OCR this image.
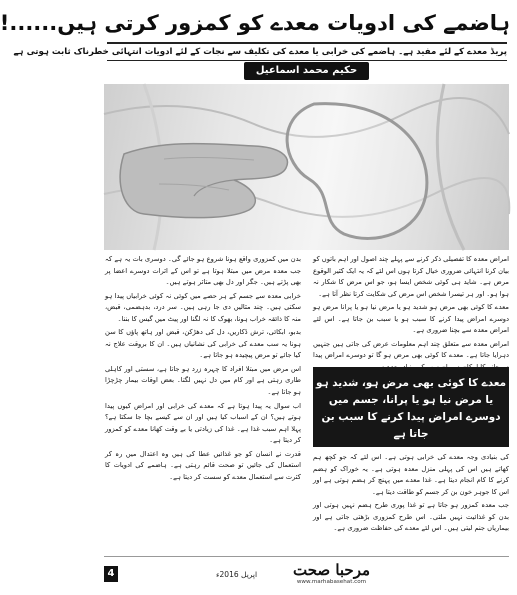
ہاضمے کی ادویات معدے کو کمزور کرتی ہیں......!
پریڈ معدے کے لئے مفید ہے۔ ہاضمے کی خرابی یا معدے کی تکلیف سے نجات کے لئے ادویات انتہائی خطرناک ثابت ہوتی ہے
حکیم محمد اسماعیل

امراض معدہ کا تفصیلی ذکر کرنے سے پہلے چند اصول اور اہم باتوں کو بیان کرنا انتہائی ضروری خیال کرتا ہوں اس لئے کہ یہ ایک کثیر الوقوع مرض ہے۔ شاید ہی کوئی شخص ایسا ہو، جو اس مرض کا شکار نہ ہوا ہو۔ اور ہر تیسرا شخص اس مرض کی شکایت کرتا نظر آتا ہے۔

معدے کا کوئی بھی مرض ہو شدید ہو یا مرض نیا ہو یا پرانا مرض ہو دوسرے امراض پیدا کرنے کا سبب ہو یا سبب بن جاتا ہے۔ اس لئے امراض معدہ سے بچنا ضروری ہے۔

امراض معدہ سے متعلق چند اہم معلومات عرض کی جاتی ہیں جنہیں دہرایا جاتا ہے۔ معدے کا کوئی بھی مرض ہو گا تو دوسرے امراض پیدا

معدے کا کوئی بھی مرض ہو، شدید ہو یا مرض نیا ہو یا پرانا، جسم میں دوسرے امراض پیدا کرنے کا سبب بن جاتا ہے

کی بنیادی وجہ معدے کی خرابی ہوتی ہے۔ اس لئے کہ جو کچھ ہم کھاتے ہیں اس کی پہلی منزل معدہ ہوتی ہے۔ یہ خوراک کو ہضم کرنے کا کام انجام دیتا ہے۔ غذا معدے میں پہنچ کر ہضم ہوتی ہے اور اس کا جوہر خون بن کر جسم کو طاقت دیتا ہے۔

جب معدہ کمزور ہو جاتا ہے تو غذا پوری طرح ہضم نہیں ہوتی اور بدن کو غذائیت نہیں ملتی۔ اس طرح کمزوری بڑھتی جاتی ہے اور بیماریاں جنم لیتی ہیں۔ اس لئے معدے کی حفاظت ضروری ہے۔

بدن میں کمزوری واقع ہونا شروع ہو جائے گی۔ دوسری بات یہ ہے کہ جب معدہ مرض میں مبتلا ہوتا ہے تو اس کے اثرات دوسرے اعضا پر بھی پڑتے ہیں۔ جگر اور دل بھی متاثر ہوتے ہیں۔

خرابی معدہ سے جسم کے ہر حصے میں کوئی نہ کوئی خرابیاں پیدا ہو سکتی ہیں۔ چند مثالیں دی جا رہی ہیں۔ سر درد، بدہضمی، قبض، منہ کا ذائقہ خراب ہونا، بھوک کا نہ لگنا اور پیٹ میں گیس کا بننا۔

بدبو، ابکائی، ترش ڈکاریں، دل کی دھڑکن، قبض اور ہاتھ پاؤں کا سن ہونا یہ سب معدے کی خرابی کی نشانیاں ہیں۔ ان کا بروقت علاج نہ کیا جائے تو مرض پیچیدہ ہو جاتا ہے۔

اس مرض میں مبتلا افراد کا چہرہ زرد ہو جاتا ہے، سستی اور کاہلی طاری رہتی ہے اور کام میں دل نہیں لگتا۔ بعض اوقات بیمار چڑچڑا ہو جاتا ہے۔

اب سوال یہ پیدا ہوتا ہے کہ معدے کی خرابی اور امراض کیوں پیدا ہوتے ہیں؟ ان کے اسباب کیا ہیں اور ان سے کیسے بچا جا سکتا ہے؟ پہلا اہم سبب غذا ہے۔ غذا کی زیادتی یا بے وقت کھانا معدے کو کمزور کر دیتا ہے۔

قدرت نے انسان کو جو غذائیں عطا کی ہیں وہ اعتدال میں رہ کر استعمال کی جائیں تو صحت قائم رہتی ہے۔ ہاضمے کی ادویات کا کثرت سے استعمال معدے کو سست کر دیتا ہے۔

4	اپریل 2016ء	مرحبا صحت
www.marhabasehat.com
